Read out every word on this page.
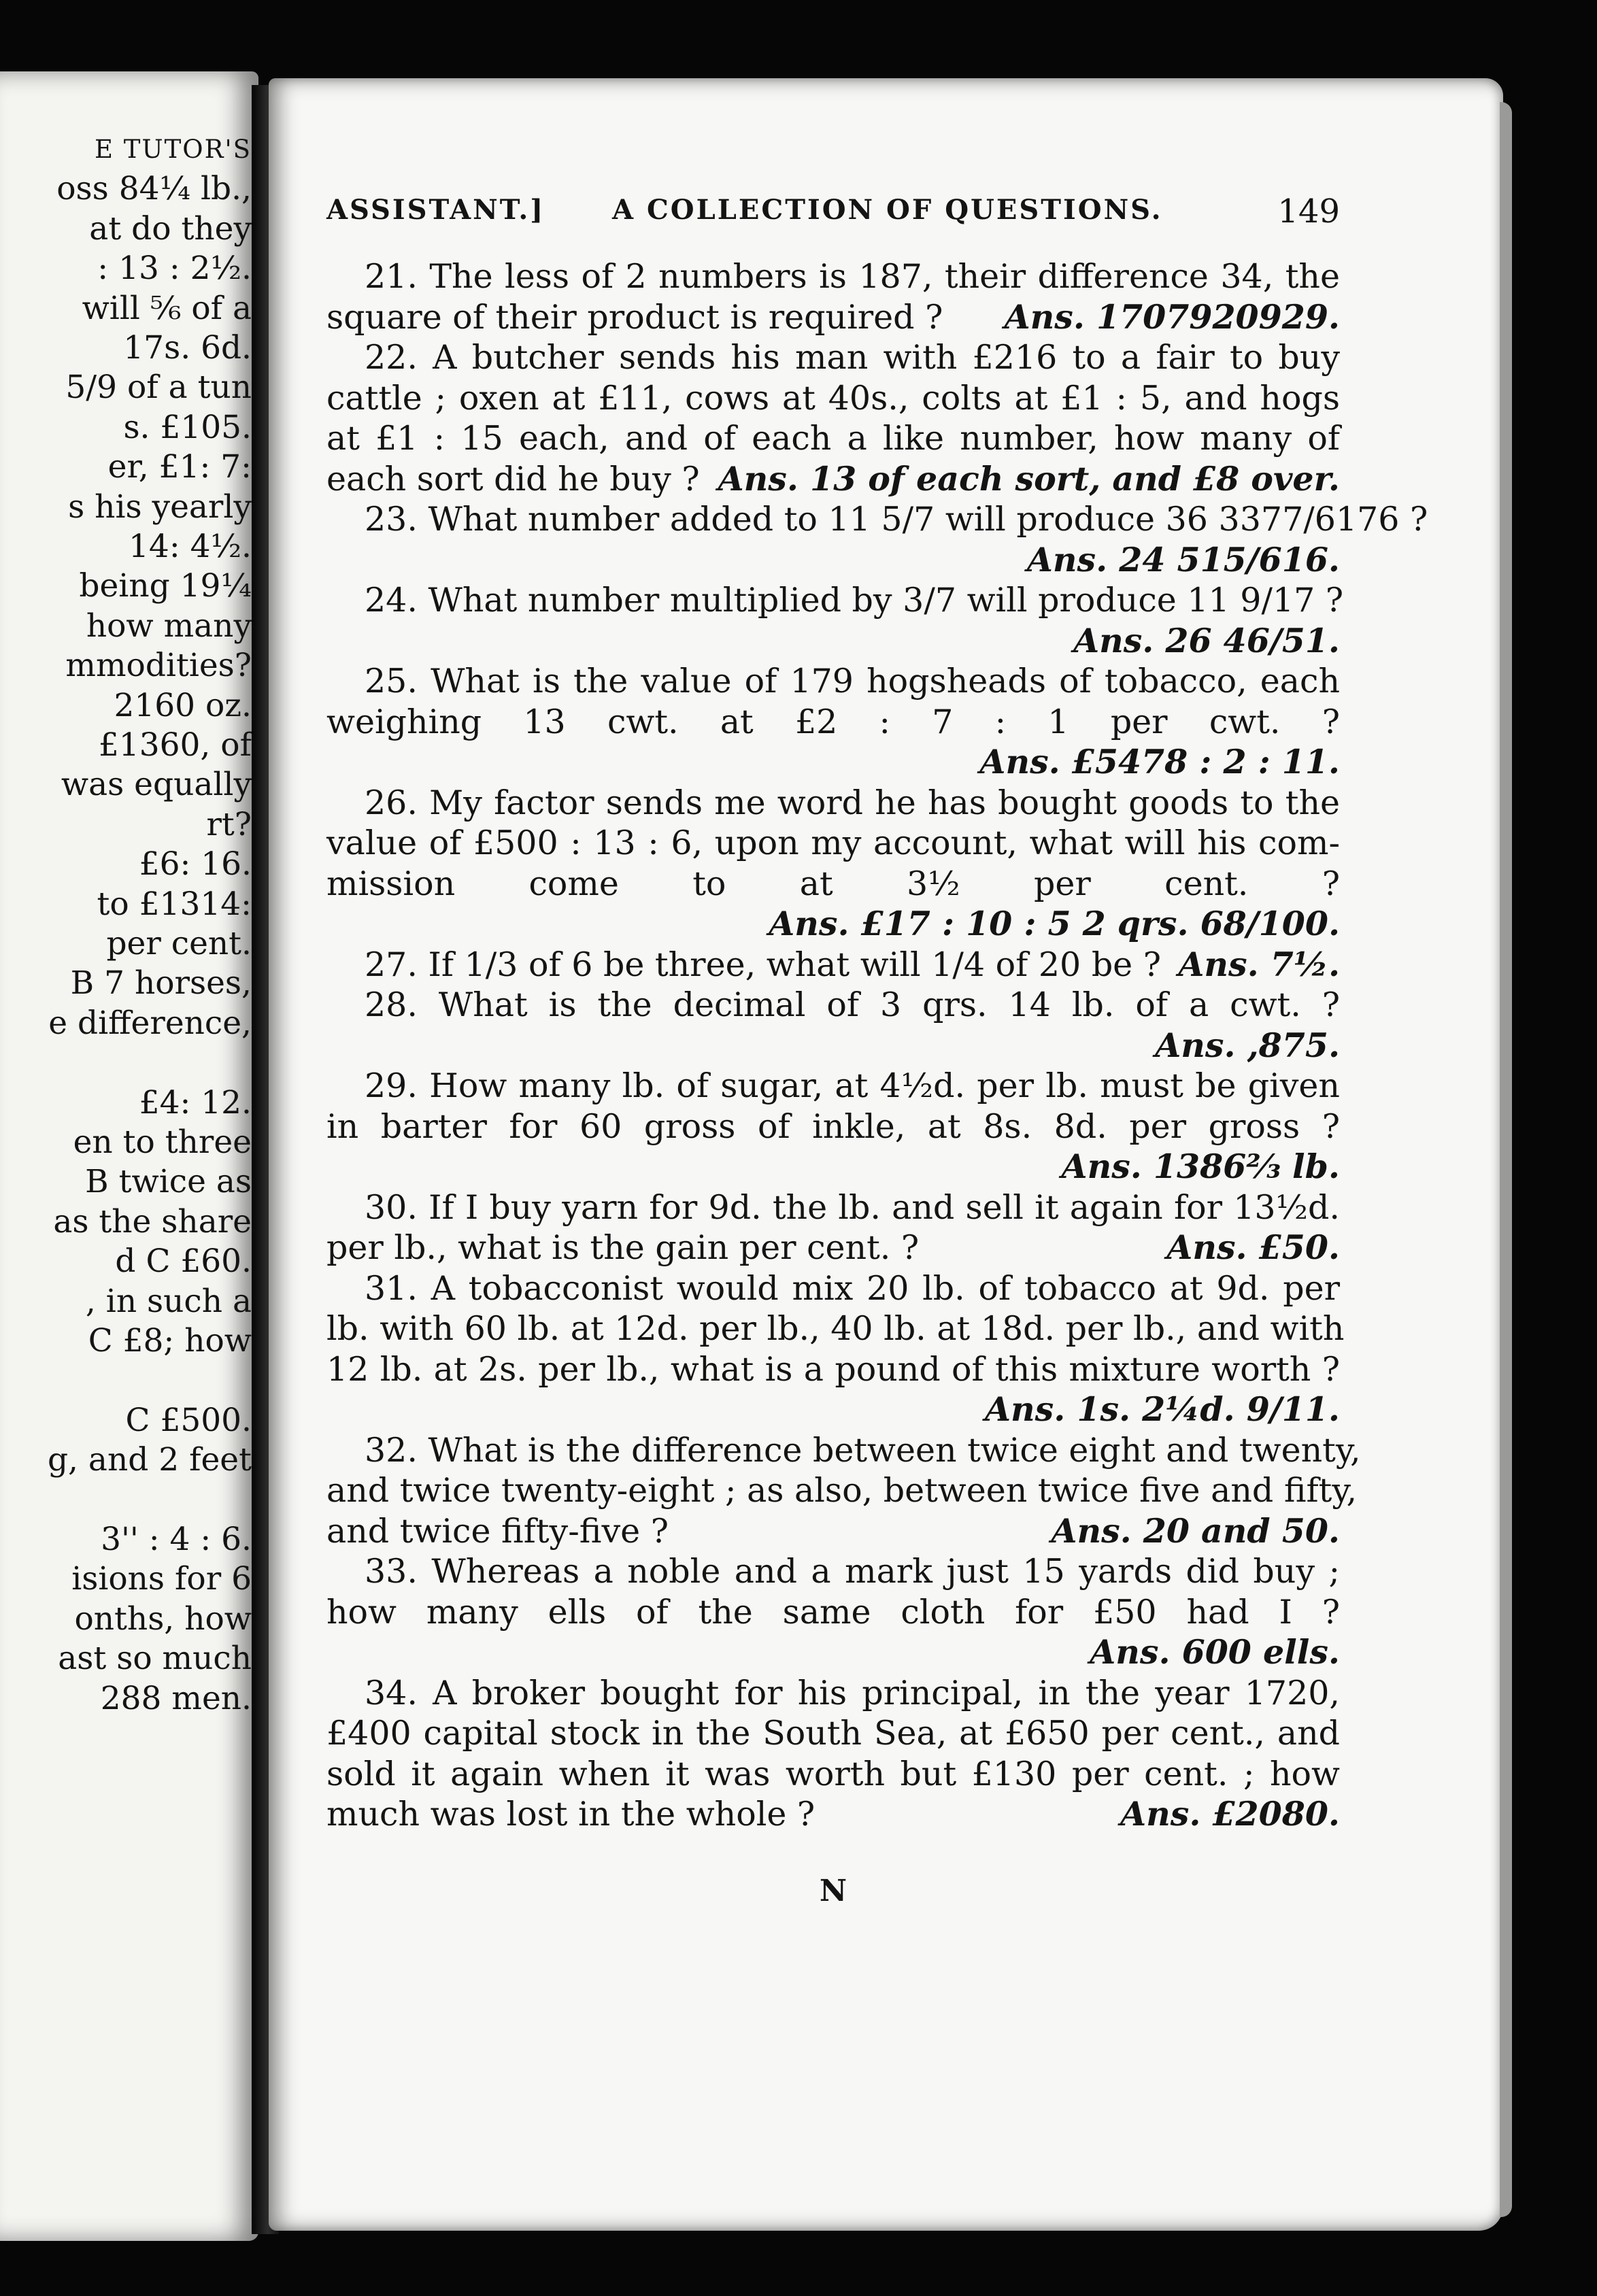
E TUTOR'S
oss 84¼ lb.,
at do they
: 13 : 2½.
will ⅚ of a
17s. 6d.
5/9 of a tun
s. £105.
er, £1: 7:
s his yearly
14: 4½.
being 19¼
how many
mmodities?
2160 oz.
£1360, of
was equally
rt?
£6: 16.
to £1314:
per cent.
B 7 horses,
e difference,
£4: 12.
en to three
B twice as
as the share
d C £60.
, in such a
C £8; how
C £500.
g, and 2 feet
3'' : 4 : 6.
isions for 6
onths, how
ast so much
288 men.
ASSISTANT.] A COLLECTION OF QUESTIONS.	149
21. The less of 2 numbers is 187, their difference 34, the
square of their product is required ? Ans. 1707920929.
22. A butcher sends his man with £216 to a fair to buy
cattle ; oxen at £11, cows at 40s., colts at £1 : 5, and hogs
at £1 : 15 each, and of each a like number, how many of
each sort did he buy ? Ans. 13 of each sort, and £8 over.
23. What number added to 11 5/7 will produce 36 3377/6176 ?
Ans. 24 515/616.
24. What number multiplied by 3/7 will produce 11 9/17 ?
Ans. 26 46/51.
25. What is the value of 179 hogsheads of tobacco, each
weighing 13 cwt. at £2 : 7 : 1 per cwt. ?
Ans. £5478 : 2 : 11.
26. My factor sends me word he has bought goods to the
value of £500 : 13 : 6, upon my account, what will his com-
mission come to at 3½ per cent. ?
Ans. £17 : 10 : 5 2 qrs. 68/100.
27. If 1/3 of 6 be three, what will 1/4 of 20 be ? Ans. 7½.
28. What is the decimal of 3 qrs. 14 lb. of a cwt. ?
Ans. ,875.
29. How many lb. of sugar, at 4½d. per lb. must be given
in barter for 60 gross of inkle, at 8s. 8d. per gross ?
Ans. 1386⅔ lb.
30. If I buy yarn for 9d. the lb. and sell it again for 13½d.
per lb., what is the gain per cent. ?	Ans. £50.
31. A tobacconist would mix 20 lb. of tobacco at 9d. per
lb. with 60 lb. at 12d. per lb., 40 lb. at 18d. per lb., and with
12 lb. at 2s. per lb., what is a pound of this mixture worth ?
Ans. 1s. 2¼d. 9/11.
32. What is the difference between twice eight and twenty,
and twice twenty-eight ; as also, between twice five and fifty,
and twice fifty-five ?	Ans. 20 and 50.
33. Whereas a noble and a mark just 15 yards did buy ;
how many ells of the same cloth for £50 had I ?
Ans. 600 ells.
34. A broker bought for his principal, in the year 1720,
£400 capital stock in the South Sea, at £650 per cent., and
sold it again when it was worth but £130 per cent. ; how
much was lost in the whole ?	Ans. £2080.
N
